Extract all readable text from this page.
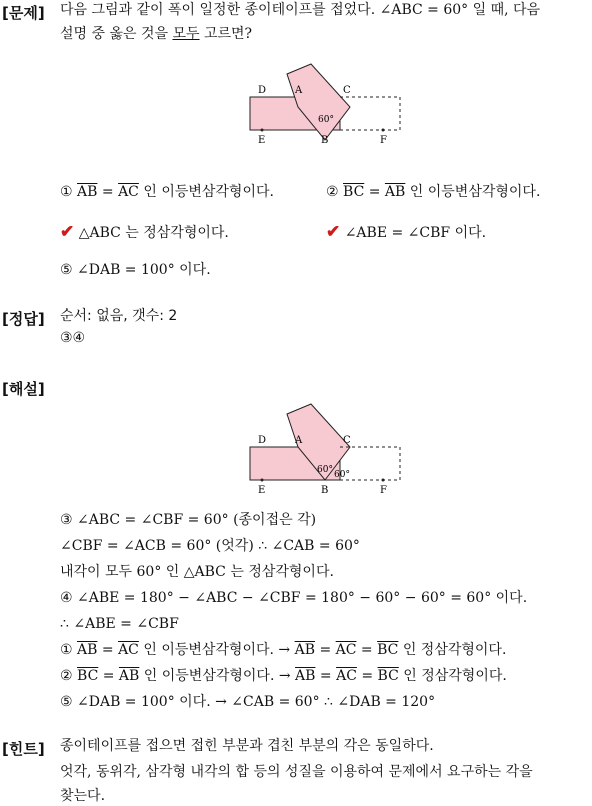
[문제] 다음 그림과 같이 폭이 일정한 종이테이프를 접었다. ∠ABC = 60° 일 때, 다음
설명 중 옳은 것을 모두 고르면?
D	A	C
E	B	F
60°
① $\overline{AB} = \overline{AC}$ 인 이등변삼각형이다.	② $\overline{BC} = \overline{AB}$ 인 이등변삼각형이다.
✔ △ABC 는 정삼각형이다.	✔ ∠ABE = ∠CBF 이다.
⑤ ∠DAB = 100° 이다.
[정답] 순서: 없음, 갯수: 2
③④
[해설]
D	A	C
E	B	F
60° 60°
③ ∠ABC = ∠CBF = 60° (종이접은 각)
∠CBF = ∠ACB = 60° (엇각) ∴ ∠CAB = 60°
내각이 모두 60° 인 △ABC 는 정삼각형이다.
④ ∠ABE = 180° − ∠ABC − ∠CBF = 180° − 60° − 60° = 60° 이다.
∴ ∠ABE = ∠CBF
① $\overline{AB} = \overline{AC}$ 인 이등변삼각형이다. → $\overline{AB} = \overline{AC} = \overline{BC}$ 인 정삼각형이다.
② $\overline{BC} = \overline{AB}$ 인 이등변삼각형이다. → $\overline{AB} = \overline{AC} = \overline{BC}$ 인 정삼각형이다.
⑤ ∠DAB = 100° 이다. → ∠CAB = 60° ∴ ∠DAB = 120°
[힌트] 종이테이프를 접으면 접힌 부분과 겹친 부분의 각은 동일하다.
엇각, 동위각, 삼각형 내각의 합 등의 성질을 이용하여 문제에서 요구하는 각을
찾는다.
